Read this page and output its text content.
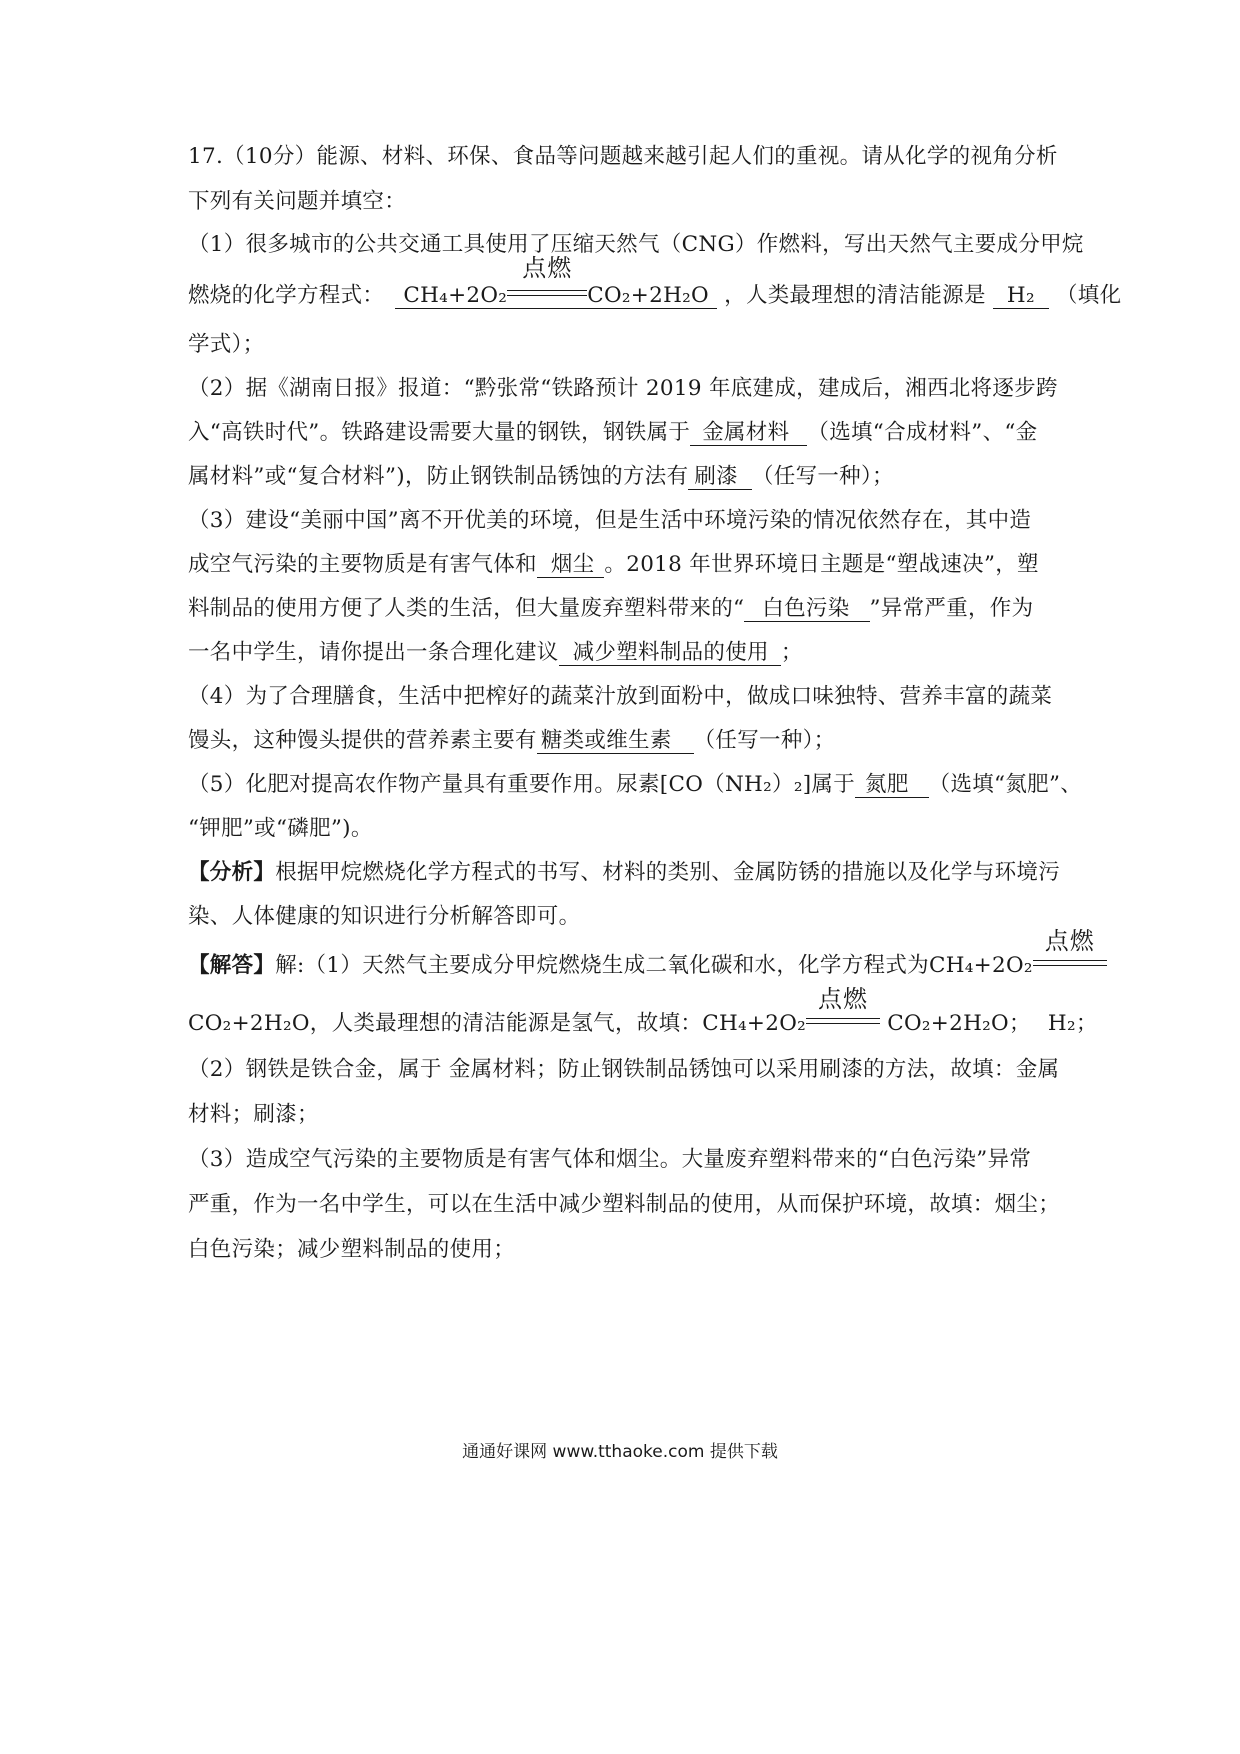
17.（10分）能源、材料、环保、食品等问题越来越引起人们的重视。请从化学的视角分析
下列有关问题并填空：
（1）很多城市的公共交通工具使用了压缩天然气（CNG）作燃料，写出天然气主要成分甲烷
燃烧的化学方程式： CH₄+2O₂
点燃
CO₂+2H₂O ，人类最理想的清洁能源是 H₂ （填化
学式）；
（2）据《湖南日报》报道：“黔张常“铁路预计 2019 年底建成，建成后，湘西北将逐步跨
入“高铁时代”。铁路建设需要大量的钢铁，钢铁属于 金属材料 （选填“合成材料”、“金
属材料”或“复合材料”)，防止钢铁制品锈蚀的方法有 刷漆 （任写一种）；
（3）建设“美丽中国”离不开优美的环境，但是生活中环境污染的情况依然存在，其中造
成空气污染的主要物质是有害气体和 烟尘 。2018 年世界环境日主题是“塑战速决”，塑
料制品的使用方便了人类的生活，但大量废弃塑料带来的“ 白色污染 ”异常严重，作为
一名中学生，请你提出一条合理化建议 减少塑料制品的使用 ；
（4）为了合理膳食，生活中把榨好的蔬菜汁放到面粉中，做成口味独特、营养丰富的蔬菜
馒头，这种馒头提供的营养素主要有 糖类或维生素 （任写一种）；
（5）化肥对提高农作物产量具有重要作用。尿素[CO（NH₂）₂]属于 氮肥 （选填“氮肥”、
“钾肥”或“磷肥”)。
【分析】根据甲烷燃烧化学方程式的书写、材料的类别、金属防锈的措施以及化学与环境污
染、人体健康的知识进行分析解答即可。
【解答】解:（1）天然气主要成分甲烷燃烧生成二氧化碳和水，化学方程式为CH₄+2O₂
点燃
CO₂+2H₂O，人类最理想的清洁能源是氢气，故填：CH₄+2O₂
点燃
CO₂+2H₂O； H₂；
（2）钢铁是铁合金，属于 金属材料；防止钢铁制品锈蚀可以采用刷漆的方法，故填：金属
材料；刷漆；
（3）造成空气污染的主要物质是有害气体和烟尘。大量废弃塑料带来的“白色污染”异常
严重，作为一名中学生，可以在生活中减少塑料制品的使用，从而保护环境，故填：烟尘；
白色污染；减少塑料制品的使用；
通通好课网 www.tthaoke.com 提供下载
